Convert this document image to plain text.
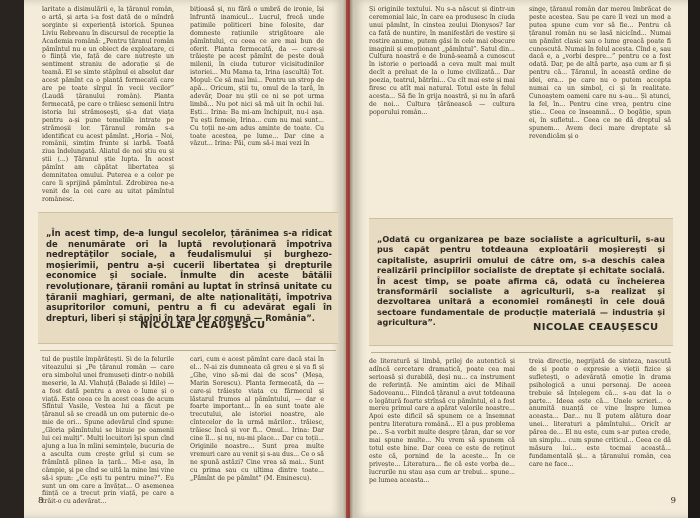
laritate a disimulării e, la țăranul român, o artă, și arta i-a fost dată de o mîndră sorginte și experiență istorică. Spunea Liviu Rebreanu în discursul de recepție la Academia română: „Pentru țăranul român pămîntul nu e un obiect de exploatare, ci o ființă vie, față de care nutrește un sentiment straniu de adorație și de teamă. El se simte stăpînul ei absolut dar acest pămînt ca o plantă fermecată care are pe toate sîrgul în vecii vecilor” (Laudă țăranului român). Planta fermecată, pe care o trăiesc semenii întru istoria lui strămoșești, și-a dat viața pentru a-și pune temeliile intrate pe strămoșii lor. Țăranul român s-a identificat cu acest pămînt. „Horia – Noi, românii, simțim frunte și iarbă. Toată ziua îndelungată. Aliatul de noi știu eu și știi (...) Țăranul știe lupta. În acest pămînt am căpătat libertatea și demnitatea omului. Puterea e a celor pe care îi sprijină pămîntul. Zdrobirea ne-a venit de la cei care au uitat pămîntul românesc.

bițioasă și, nu fără o umbră de ironie, își înfruntă inamicul... Lucrul, frecă unde patimile politiceri bine folosite, dar domneste rațiunile strigătoare ale pămîntului, cu ceea ce are mai bun de oferit. Planta fermecată, da — care-și trăiește pe acest pămînt de peste două milenii, în ciuda tuturor vicisitudinilor istoriei... Mu Mama ta, Irina (ascultă) Tot. Mopul: Ce să mai îmi... Pentru un strop de apă... Oricum, știi tu, omul de la țară, în adevăr, Doar nu știi ce ni se pot urma limbă... Nu pot nici să mă uit în ochii lui. Ești... Irina: Ba mi-am închipuit, nu-i așa. Tu ești femeie, Irina... cum nu mai sunt... Cu toții ne-am adus aminte de toate. Cu toate acestea, pe lume... Dar cine a văzut... Irina: Păi, cum să-i mai vezi în

„În acest timp, de-a lungul secolelor, țărănimea s-a ridicat de nenumărate ori la luptă revoluționară împotriva nedreptăților sociale, a feudalismului și burghezo-moșierimii, pentru a-și cucerii libertatea și drepturile economice și sociale. Înmulte din aceste bătălii revoluționare, țăranii români au luptat în strînsă unitate cu țăranii maghiari, germani, de alte naționalități, împotriva asupritorilor comuni, pentru a fi cu adevărat egali în drepturi, liberi și stăpîni în țara lor comună — România”.
NICOLAE CEAUȘESCU

tul de puștile împărătești. Și de la felurile viteazului și „Pe țăranul român — care era simbolul unei frumuseți dintr-o nobilă meserie, la Al. Vlahuță (Balade și Idile) — a fost dată pentru a avea o lume și o viață. Este ceea ce în acest ceas de acum Sfîntul Vasile, Vestea lui a făcut pe țăranul să se creadă un om puternic de-o mie de ori... Spune adevărul cînd spune: „Gloria pămîntului se bizuie pe oamenii lui cei mulți”. Mulți locuitori își spun cînd ajung a lua în mîini semințele, bucuria de a asculta cum crește grîul și cum se frămîntă pîinea la țară... Mi-e așa, în câmpie, și pe cînd se uită la mine îmi vine să-i spun: „Ce ești tu pentru mine?”. Eu sunt un om care a învățat... O asemenea ființă ce a trecut prin viață, pe care a trăit-o cu adevărat...

cari, cum e acest pămînt care dacă stai în el... N-ai zis dumneata că greu e și va fi și „Ghe, vino să-mi dai de scos” (Meșa, Marin Sorescu). Planta fermecată, da — care-și trăiește viața cu fărmecul și lăstarul frumos al pămîntului, — dar e foarte important... în ea sunt toate ale trecutului, ale istoriei noastre, ale cîntecelor de la urmă mărilor... trăiesc, trăiesc încă și vor fi... Omul... Irina: Dar cine îl... și nu, nu-mi place... Dar cu toții... Originile noastre... Sunt prea multe vremuri care au venit și s-au dus... Ce o să ne spună astăzi? Cine vrea să mai... Sunt cu prima sau cu ultima dintre toate... „Pămînt de pe pămînt” (M. Eminescu).

8

Și originile textului. Nu s-a născut și dintr-un ceremonial laic, în care ea produsesc în ciuda unui pămînt, în cinstea zeului Dionysos? Iar ca fată de nuntire, în manifestări de vestire și rostire anume, putem găsi în cele mai obscure imaginii și emoționant „pămîntul”. Satul din... Cultura noastră e de bună-seamă a cunoscut în istorie o perioadă a ceva mult mai mult decît a preluat de la o lume civilizată... Dar poezia, teatrul, bătrîni... Cu cît mai este și mai firesc cu atît mai natural. Totul este în felul acesta... Să fie în grija noastră, și nu în afară de noi... Cultura țărănească — cultura poporului român...

singe, țăranul român dar mereu îmbrăcat de peste acestea. Sau pe care îl vezi un mod a putea spune cum vor să fie... Pentru că țăranul român nu se lasă nicicînd... Numai un pămînt clasic sau o lume greacă poate fi cunoscută. Numai în felul acesta. Cînd e, sau dacă e, a „vorbi despre...” pentru ce a fost odată. Dar, pe de altă parte, așa cum ar fi și pentru că... Țăranul, în această ordine de idei, era... pe care nu o putem accepta numai ca un simbol, ci și în realitate. Cunoaștem oameni care nu s-au... Și atunci, la fel, în... Pentru cine vrea, pentru cine știe... Ceea ce înseamnă... O bogăție, spun ei, în sufletul... Ceea ce ne dă dreptul să spunem... Avem deci mare dreptate să revendicăm și o

„Odată cu organizarea pe baze socialiste a agriculturii, s-au pus capăt pentru totdeauna exploatării moșierești și capitaliste, asupririi omului de către om, s-a deschis calea realizării principiilor socialiste de dreptate și echitate socială. În acest timp, se poate afirma că, odată cu încheierea transformării socialiste a agriculturii, s-a realizat și dezvoltarea unitară a economiei româneşti în cele două sectoare fundamentale de producție materială — industria și agricultura”.	NICOLAE CEAUȘESCU

de literatură și limbă, prilej de autentică și adîncă cercetare dramatică, poate cea mai serioasă și durabilă, deși nu... ca instrument de referință. Ne amintim aici de Mihail Sadoveanu... Fiindcă țăranul a avut totdeauna o legătură foarte strînsă cu pămîntul, el a fost mereu primul care a apărat valorile noastre... Apoi este dificil să spunem ce a însemnat pentru literatura română... El a pus problema pe... S-a vorbit multe despre țăran, dar se vor mai spune multe... Nu vrem să spunem că totul este bine. Dar ceea ce este de reținut este că, pornind de la aceste... În ce privește... Literatura... fie că este vorba de... lucrurile nu stau așa cum ar trebui... spune... pe lumea aceasta...

treia direcție, negrijată de sinteza, nascută de și poate o expresie a vieții fizice și sufletești, o adevărată emoție în drama psihologică a unui personaj. De aceea trebuie să înțelegem că... s-au dat la o parte... Ideea este că... Unele scrieri... o anumită nuanță ce vine înspre lumea aceasta... Dar... nu îl putem alătura doar unei... literaturi a pămîntului... Oricît ar părea de... El nu este, cum s-ar putea crede, un simplu... cum spune criticul... Ceea ce dă măsura lui... este tocmai această... fundamentală și... a țăranului român, cea care ne face...

9
